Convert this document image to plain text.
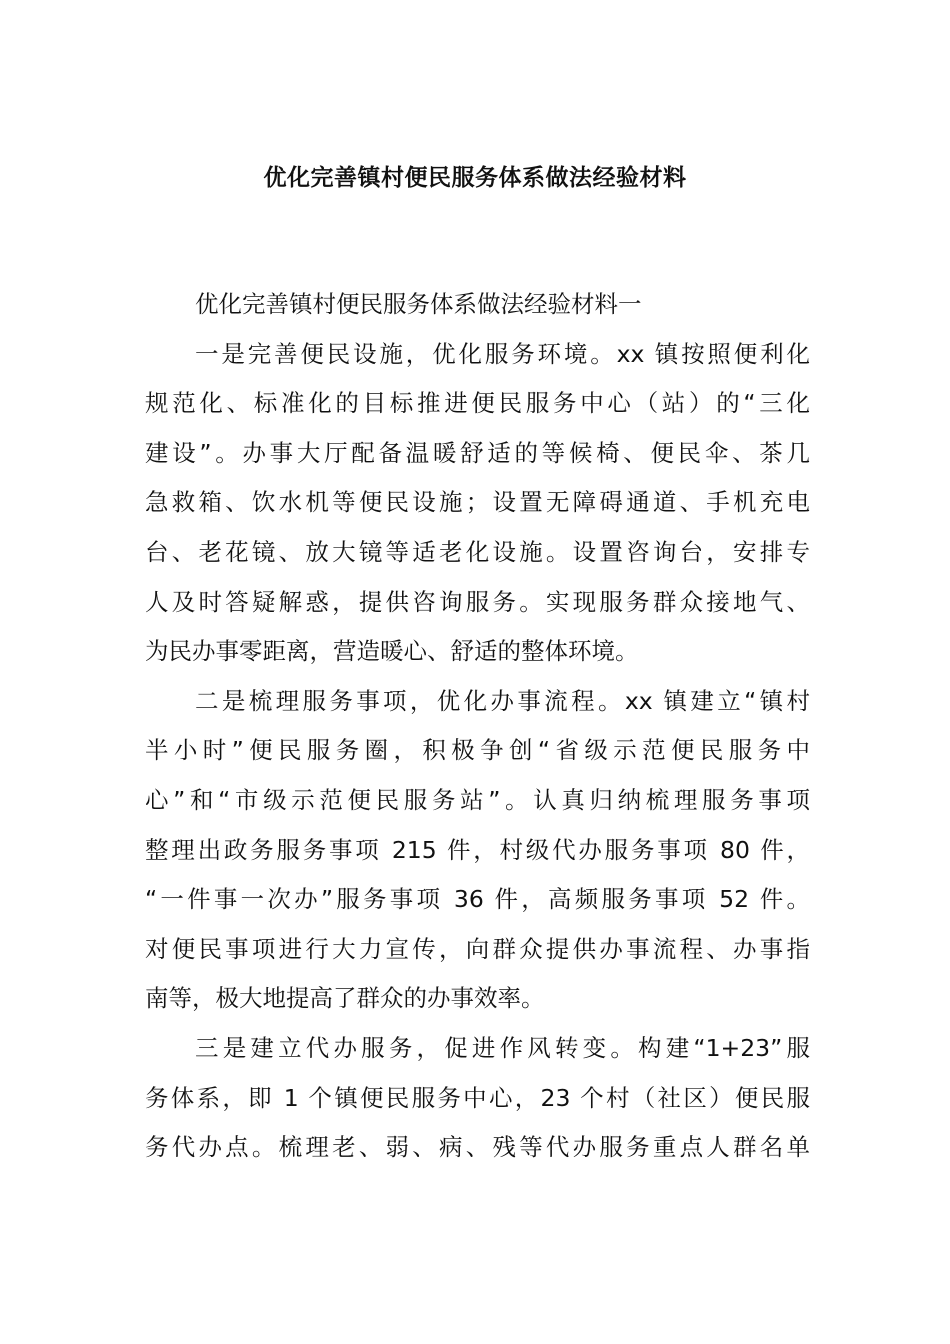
优化完善镇村便民服务体系做法经验材料
优化完善镇村便民服务体系做法经验材料一
一是完善便民设施，优化服务环境。xx 镇按照便利化
规范化、标准化的目标推进便民服务中心（站）的“三化
建设”。办事大厅配备温暖舒适的等候椅、便民伞、茶几
急救箱、饮水机等便民设施；设置无障碍通道、手机充电
台、老花镜、放大镜等适老化设施。设置咨询台，安排专
人及时答疑解惑，提供咨询服务。实现服务群众接地气、
为民办事零距离，营造暖心、舒适的整体环境。
二是梳理服务事项，优化办事流程。xx 镇建立“镇村
半小时”便民服务圈，积极争创“省级示范便民服务中
心”和“市级示范便民服务站”。认真归纳梳理服务事项
整理出政务服务事项 215 件，村级代办服务事项 80 件，
“一件事一次办”服务事项 36 件，高频服务事项 52 件。
对便民事项进行大力宣传，向群众提供办事流程、办事指
南等，极大地提高了群众的办事效率。
三是建立代办服务，促进作风转变。构建“1+23”服
务体系，即 1 个镇便民服务中心，23 个村（社区）便民服
务代办点。梳理老、弱、病、残等代办服务重点人群名单
